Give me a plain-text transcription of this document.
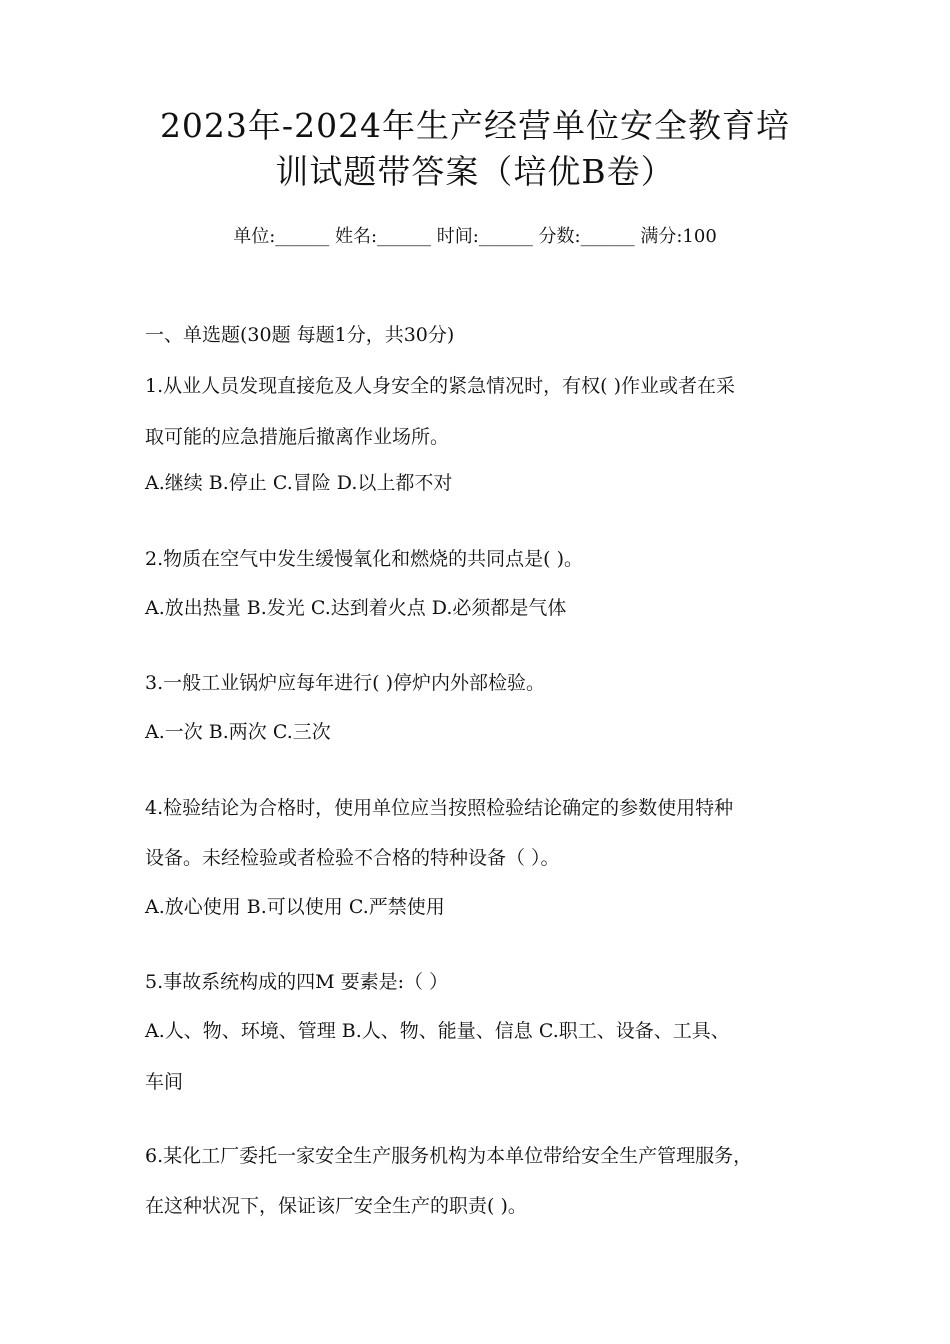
2023年-2024年生产经营单位安全教育培
训试题带答案（培优B卷）
单位:______ 姓名:______ 时间:______ 分数:______ 满分:100
一、单选题(30题 每题1分，共30分)
1.从业人员发现直接危及人身安全的紧急情况时，有权( )作业或者在采
取可能的应急措施后撤离作业场所。
A.继续 B.停止 C.冒险 D.以上都不对
2.物质在空气中发生缓慢氧化和燃烧的共同点是( )。
A.放出热量 B.发光 C.达到着火点 D.必须都是气体
3.一般工业锅炉应每年进行( )停炉内外部检验。
A.一次 B.两次 C.三次
4.检验结论为合格时，使用单位应当按照检验结论确定的参数使用特种
设备。未经检验或者检验不合格的特种设备（ ）。
A.放心使用 B.可以使用 C.严禁使用
5.事故系统构成的四M 要素是:（ ）
A.人、物、环境、管理 B.人、物、能量、信息 C.职工、设备、工具、
车间
6.某化工厂委托一家安全生产服务机构为本单位带给安全生产管理服务，
在这种状况下，保证该厂安全生产的职责( )。
